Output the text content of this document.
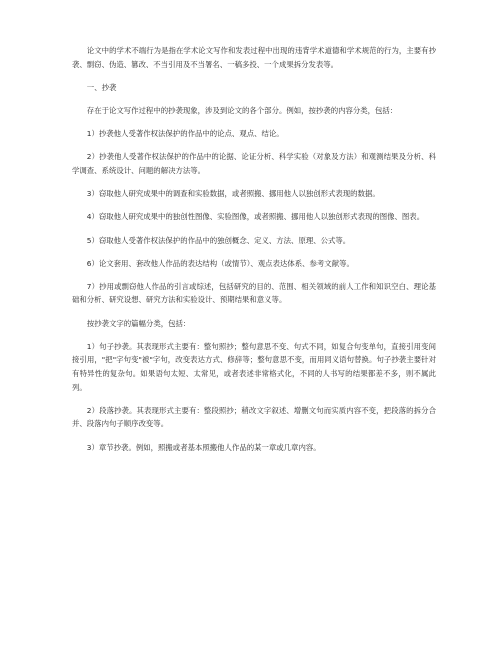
论文中的学术不端行为是指在学术论文写作和发表过程中出现的违背学术道德和学术规范的行为，主要有抄袭、剽窃、伪造、篡改、不当引用及不当署名、一稿多投、一个成果拆分发表等。

一、抄袭

存在于论文写作过程中的抄袭现象，涉及到论文的各个部分。例如，按抄袭的内容分类，包括：

1）抄袭他人受著作权法保护的作品中的论点、观点、结论。

2）抄袭他人受著作权法保护的作品中的论据、论证分析、科学实验（对象及方法）和观测结果及分析、科学调查、系统设计、问题的解决方法等。

3）窃取他人研究成果中的调查和实验数据，或者照搬、挪用他人以独创形式表现的数据。

4）窃取他人研究成果中的独创性图像、实验图像，或者照搬、挪用他人以独创形式表现的图像、图表。

5）窃取他人受著作权法保护的作品中的独创概念、定义、方法、原理、公式等。

6）论文套用、套改他人作品的表达结构（或情节）、观点表达体系、参考文献等。

7）抄用或剽窃他人作品的引言或综述，包括研究的目的、范围、相关领域的前人工作和知识空白、理论基础和分析、研究设想、研究方法和实验设计、预期结果和意义等。

按抄袭文字的篇幅分类，包括：

1）句子抄袭。其表现形式主要有：整句照抄；整句意思不变、句式不同，如复合句变单句，直接引用变间接引用，"把"字句变"被"字句，改变表达方式、修辞等；整句意思不变，而用同义语句替换。句子抄袭主要针对有特异性的复杂句。如果语句太短、太常见，或者表述非常格式化，不同的人书写的结果都差不多，则不属此列。

2）段落抄袭。其表现形式主要有：整段照抄；稍改文字叙述、增删文句而实质内容不变，把段落的拆分合并、段落内句子顺序改变等。

3）章节抄袭。例如，照搬或者基本照搬他人作品的某一章或几章内容。
